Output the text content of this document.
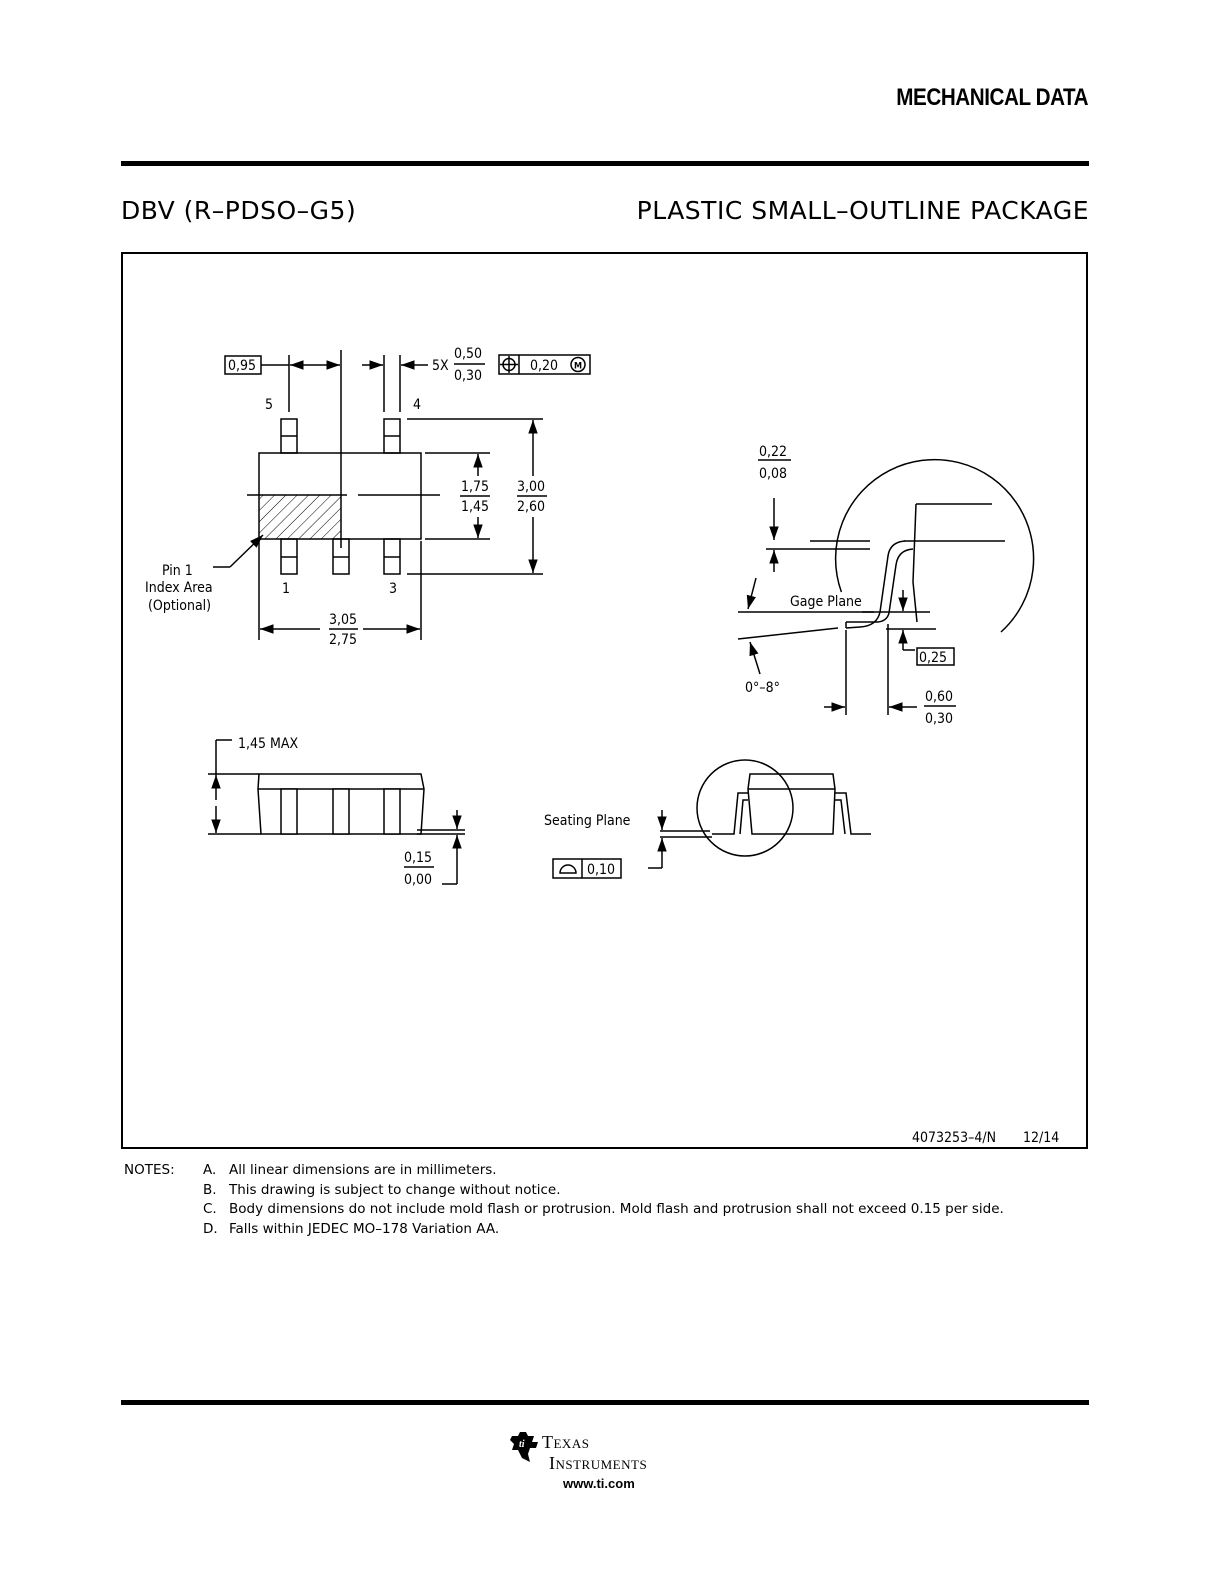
MECHANICAL DATA
DBV (R–PDSO–G5)	PLASTIC SMALL–OUTLINE PACKAGE
0,95	5X
0,50
0,30
0,20 M
5	4
1	3
1,75
1,45
3,00
2,60
3,05
2,75
Pin 1
Index Area
(Optional)
1,45 MAX
0,15
0,00
Seating Plane
0,10
0,22
0,08
Gage Plane
0,25
0°–8°
0,60
0,30
4073253–4/N 12/14
NOTES:	A. All linear dimensions are in millimeters.
B. This drawing is subject to change without notice.
C. Body dimensions do not include mold flash or protrusion. Mold flash and protrusion shall not exceed 0.15 per side.
D. Falls within JEDEC MO–178 Variation AA.
ti Texas
Instruments
www.ti.com
